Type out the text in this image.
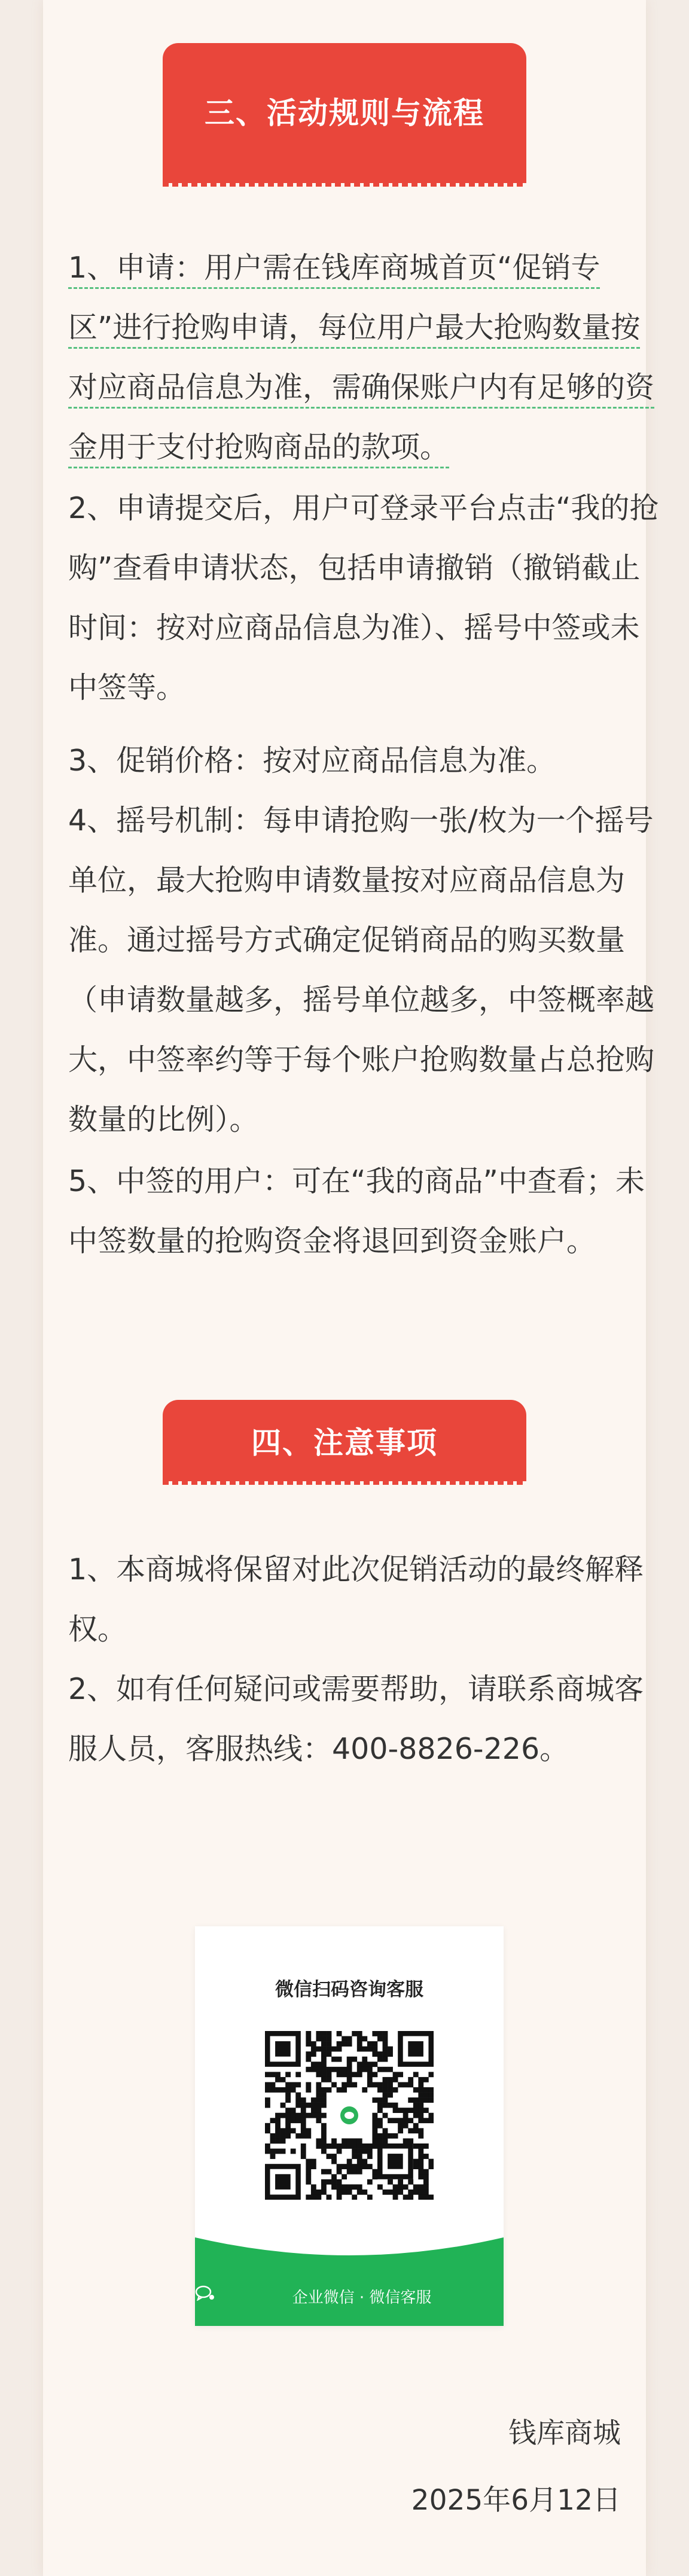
三、活动规则与流程
1、申请：用户需在钱库商城首页“促销专区”进行抢购申请，每位用户最大抢购数量按对应商品信息为准，需确保账户内有足够的资金用于支付抢购商品的款项。
2、申请提交后，用户可登录平台点击“我的抢购”查看申请状态，包括申请撤销（撤销截止时间：按对应商品信息为准）、摇号中签或未中签等。
3、促销价格：按对应商品信息为准。
4、摇号机制：每申请抢购一张/枚为一个摇号单位，最大抢购申请数量按对应商品信息为准。通过摇号方式确定促销商品的购买数量（申请数量越多，摇号单位越多，中签概率越大，中签率约等于每个账户抢购数量占总抢购数量的比例）。
5、中签的用户：可在“我的商品”中查看；未中签数量的抢购资金将退回到资金账户。
四、注意事项
1、本商城将保留对此次促销活动的最终解释权。
2、如有任何疑问或需要帮助，请联系商城客服人员，客服热线：400-8826-226。
微信扫码咨询客服
企业微信 · 微信客服
钱库商城
2025年6月12日
